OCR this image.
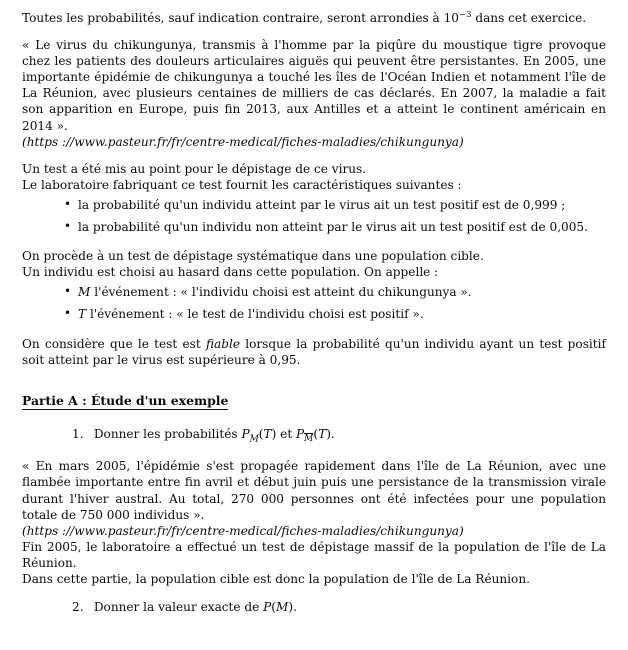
Toutes les probabilités, sauf indication contraire, seront arrondies à $10^{-3}$ dans cet exercice.

« Le virus du chikungunya, transmis à l'homme par la piqûre du moustique tigre provoque chez les patients des douleurs articulaires aiguës qui peuvent être persistantes. En 2005, une importante épidémie de chikungunya a touché les îles de l'Océan Indien et notamment l'île de La Réunion, avec plusieurs centaines de milliers de cas déclarés. En 2007, la maladie a fait son apparition en Europe, puis fin 2013, aux Antilles et a atteint le continent américain en 2014 ».

(https ://www.pasteur.fr/fr/centre-medical/fiches-maladies/chikungunya)

Un test a été mis au point pour le dépistage de ce virus.

Le laboratoire fabriquant ce test fournit les caractéristiques suivantes :

• la probabilité qu'un individu atteint par le virus ait un test positif est de 0,999 ;
• la probabilité qu'un individu non atteint par le virus ait un test positif est de 0,005.

On procède à un test de dépistage systématique dans une population cible.

Un individu est choisi au hasard dans cette population. On appelle :

• M l'événement : « l'individu choisi est atteint du chikungunya ».
• T l'événement : « le test de l'individu choisi est positif ».

On considère que le test est fiable lorsque la probabilité qu'un individu ayant un test positif soit atteint par le virus est supérieure à 0,95.

Partie A : Étude d'un exemple

1. Donner les probabilités $P_M(T)$ et $P_M(T)$.

« En mars 2005, l'épidémie s'est propagée rapidement dans l'île de La Réunion, avec une flambée importante entre fin avril et début juin puis une persistance de la transmission virale durant l'hiver austral. Au total, 270 000 personnes ont été infectées pour une population totale de 750 000 individus ».

(https ://www.pasteur.fr/fr/centre-medical/fiches-maladies/chikungunya)

Fin 2005, le laboratoire a effectué un test de dépistage massif de la population de l'île de La Réunion.

Dans cette partie, la population cible est donc la population de l'île de La Réunion.

2. Donner la valeur exacte de P(M).
